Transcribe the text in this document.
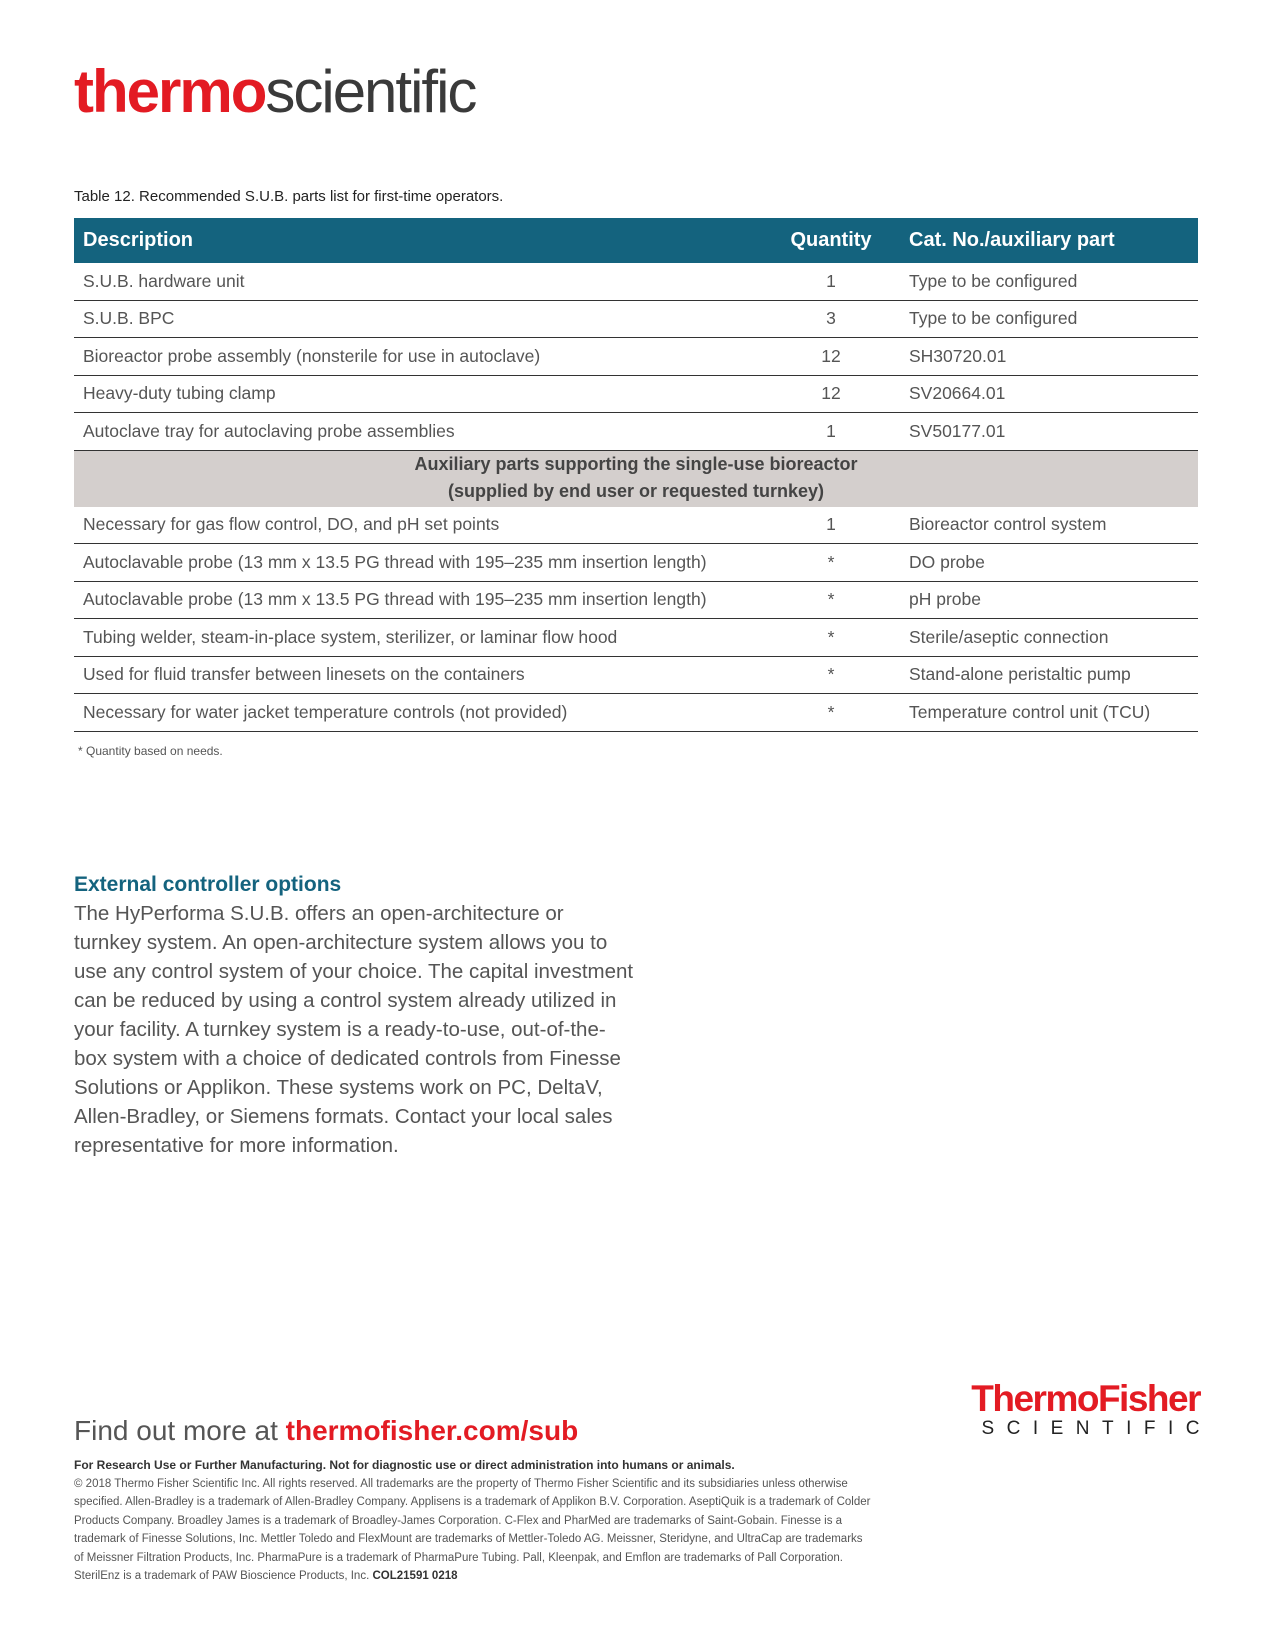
thermoscientific
Table 12. Recommended S.U.B. parts list for first-time operators.
Description	Quantity	Cat. No./auxiliary part
S.U.B. hardware unit	1	Type to be configured
S.U.B. BPC	3	Type to be configured
Bioreactor probe assembly (nonsterile for use in autoclave)	12	SH30720.01
Heavy-duty tubing clamp	12	SV20664.01
Autoclave tray for autoclaving probe assemblies	1	SV50177.01
Auxiliary parts supporting the single-use bioreactor
(supplied by end user or requested turnkey)		
Necessary for gas flow control, DO, and pH set points	1	Bioreactor control system
Autoclavable probe (13 mm x 13.5 PG thread with 195–235 mm insertion length)	*	DO probe
Autoclavable probe (13 mm x 13.5 PG thread with 195–235 mm insertion length)	*	pH probe
Tubing welder, steam-in-place system, sterilizer, or laminar flow hood	*	Sterile/aseptic connection
Used for fluid transfer between linesets on the containers	*	Stand-alone peristaltic pump
Necessary for water jacket temperature controls (not provided)	*	Temperature control unit (TCU)
* Quantity based on needs.
External controller options
The HyPerforma S.U.B. offers an open-architecture or turnkey system. An open-architecture system allows you to use any control system of your choice. The capital investment can be reduced by using a control system already utilized in your facility. A turnkey system is a ready-to-use, out-of-the-box system with a choice of dedicated controls from Finesse Solutions or Applikon. These systems work on PC, DeltaV, Allen-Bradley, or Siemens formats. Contact your local sales representative for more information.
Find out more at thermofisher.com/sub
ThermoFisher
SCIENTIFIC
For Research Use or Further Manufacturing. Not for diagnostic use or direct administration into humans or animals.
© 2018 Thermo Fisher Scientific Inc. All rights reserved. All trademarks are the property of Thermo Fisher Scientific and its subsidiaries unless otherwise specified. Allen-Bradley is a trademark of Allen-Bradley Company. Applisens is a trademark of Applikon B.V. Corporation. AseptiQuik is a trademark of Colder Products Company. Broadley James is a trademark of Broadley-James Corporation. C-Flex and PharMed are trademarks of Saint-Gobain. Finesse is a trademark of Finesse Solutions, Inc. Mettler Toledo and FlexMount are trademarks of Mettler-Toledo AG. Meissner, Steridyne, and UltraCap are trademarks of Meissner Filtration Products, Inc. PharmaPure is a trademark of PharmaPure Tubing. Pall, Kleenpak, and Emflon are trademarks of Pall Corporation. SterilEnz is a trademark of PAW Bioscience Products, Inc. COL21591 0218
